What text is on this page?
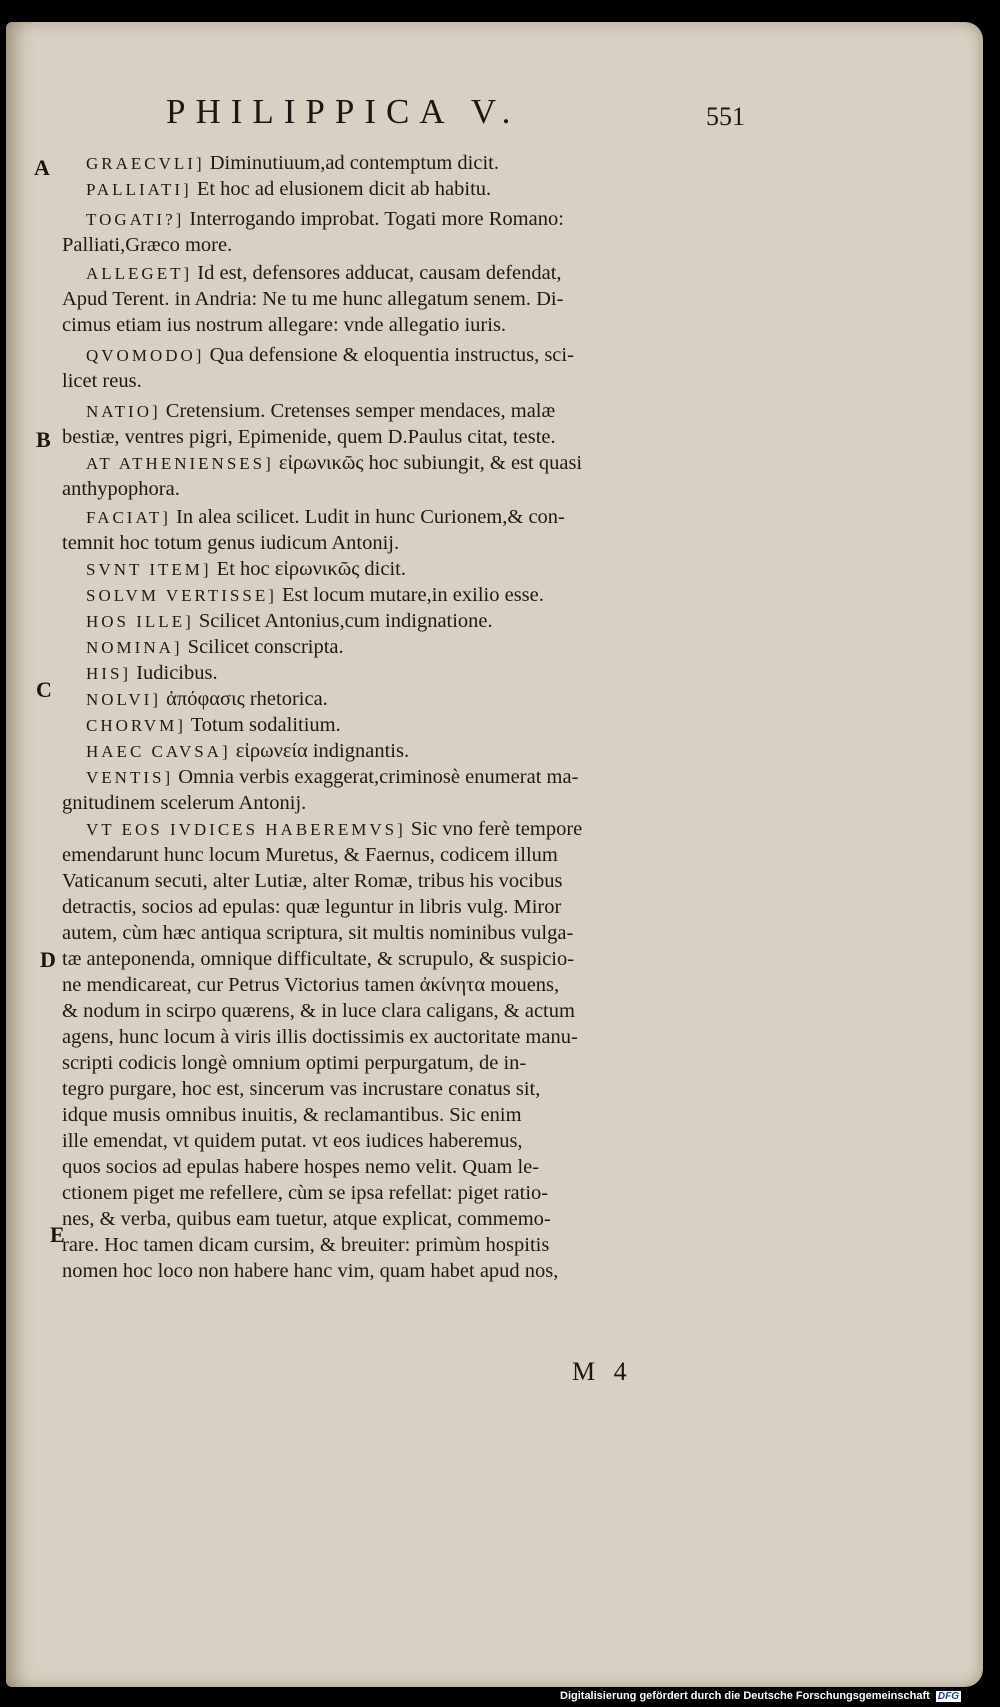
PHILIPPICA V.	551
A
B
C
D
E
GRAECVLI] Diminutiuum,ad contemptum dicit.
PALLIATI] Et hoc ad elusionem dicit ab habitu.
TOGATI?] Interrogando improbat. Togati more Romano:
Palliati,Græco more.
ALLEGET] Id est, defensores adducat, causam defendat,
Apud Terent. in Andria: Ne tu me hunc allegatum senem. Di-
cimus etiam ius nostrum allegare: vnde allegatio iuris.
QVOMODO] Qua defensione & eloquentia instructus, sci-
licet reus.
NATIO] Cretensium. Cretenses semper mendaces, malæ
bestiæ, ventres pigri, Epimenide, quem D.Paulus citat, teste.
AT ATHENIENSES] εἰρωνικῶς hoc subiungit, & est quasi
anthypophora.
FACIAT] In alea scilicet. Ludit in hunc Curionem,& con-
temnit hoc totum genus iudicum Antonij.
SVNT ITEM] Et hoc εἰρωνικῶς dicit.
SOLVM VERTISSE] Est locum mutare,in exilio esse.
HOS ILLE] Scilicet Antonius,cum indignatione.
NOMINA] Scilicet conscripta.
HIS] Iudicibus.
NOLVI] ἀπόφασις rhetorica.
CHORVM] Totum sodalitium.
HAEC CAVSA] εἰρωνεία indignantis.
VENTIS] Omnia verbis exaggerat,criminosè enumerat ma-
gnitudinem scelerum Antonij.
VT EOS IVDICES HABEREMVS] Sic vno ferè tempore
emendarunt hunc locum Muretus, & Faernus, codicem illum
Vaticanum secuti, alter Lutiæ, alter Romæ, tribus his vocibus
detractis, socios ad epulas: quæ leguntur in libris vulg. Miror
autem, cùm hæc antiqua scriptura, sit multis nominibus vulga-
tæ anteponenda, omnique difficultate, & scrupulo, & suspicio-
ne mendicareat, cur Petrus Victorius tamen ἀκίνητα mouens,
& nodum in scirpo quærens, & in luce clara caligans, & actum
agens, hunc locum à viris illis doctissimis ex auctoritate manu-
scripti codicis longè omnium optimi perpurgatum, de in-
tegro purgare, hoc est, sincerum vas incrustare conatus sit,
idque musis omnibus inuitis, & reclamantibus. Sic enim
ille emendat, vt quidem putat. vt eos iudices haberemus,
quos socios ad epulas habere hospes nemo velit. Quam le-
ctionem piget me refellere, cùm se ipsa refellat: piget ratio-
nes, & verba, quibus eam tuetur, atque explicat, commemo-
rare. Hoc tamen dicam cursim, & breuiter: primùm hospitis
nomen hoc loco non habere hanc vim, quam habet apud nos,
M 4
Digitalisierung gefördert durch die Deutsche Forschungsgemeinschaft DFG
